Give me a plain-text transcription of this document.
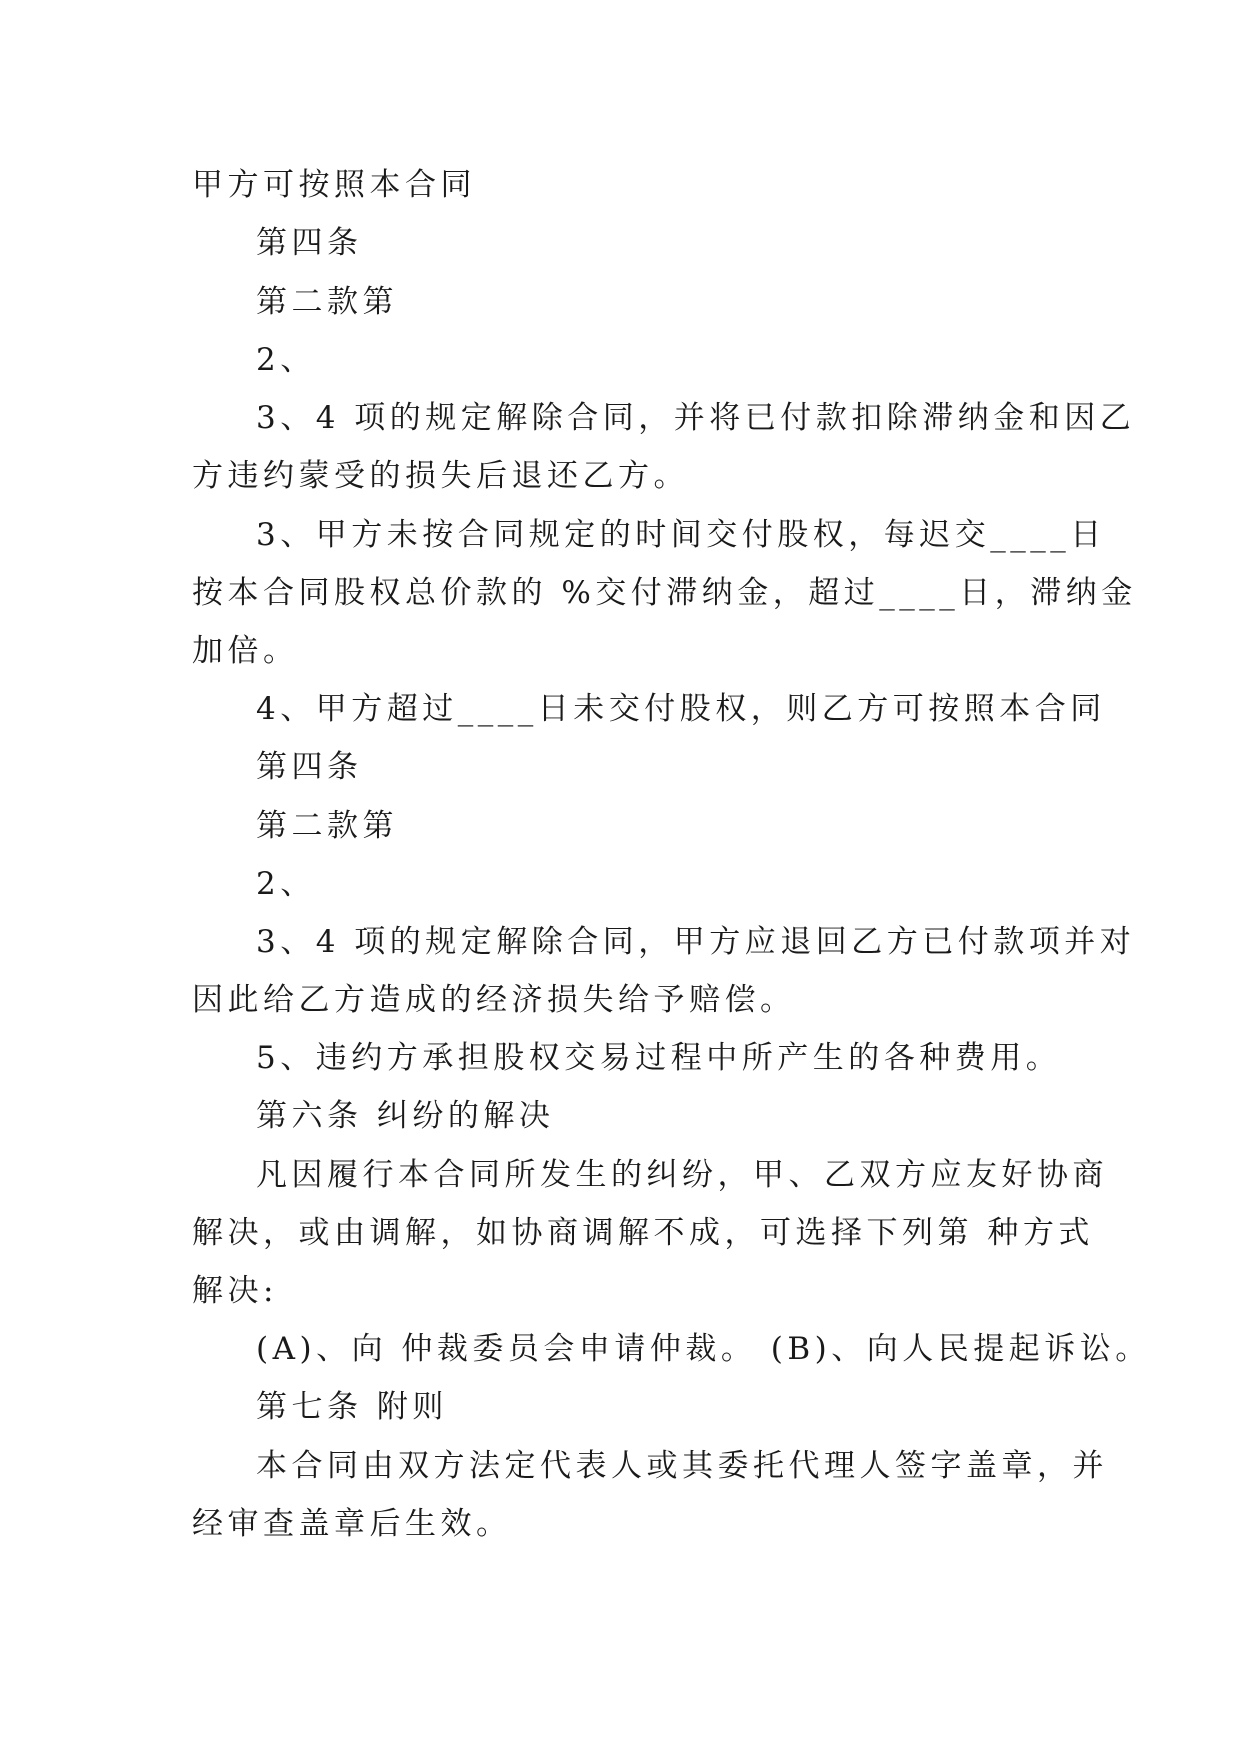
甲方可按照本合同
第四条
第二款第
2、
3、4 项的规定解除合同，并将已付款扣除滞纳金和因乙
方违约蒙受的损失后退还乙方。
3、甲方未按合同规定的时间交付股权，每迟交____日
按本合同股权总价款的 %交付滞纳金，超过____日，滞纳金
加倍。
4、甲方超过____日未交付股权，则乙方可按照本合同
第四条
第二款第
2、
3、4 项的规定解除合同，甲方应退回乙方已付款项并对
因此给乙方造成的经济损失给予赔偿。
5、违约方承担股权交易过程中所产生的各种费用。
第六条 纠纷的解决
凡因履行本合同所发生的纠纷，甲、乙双方应友好协商
解决，或由调解，如协商调解不成，可选择下列第 种方式
解决:
(A)、向 仲裁委员会申请仲裁。 (B)、向人民提起诉讼。
第七条 附则
本合同由双方法定代表人或其委托代理人签字盖章，并
经审查盖章后生效。
